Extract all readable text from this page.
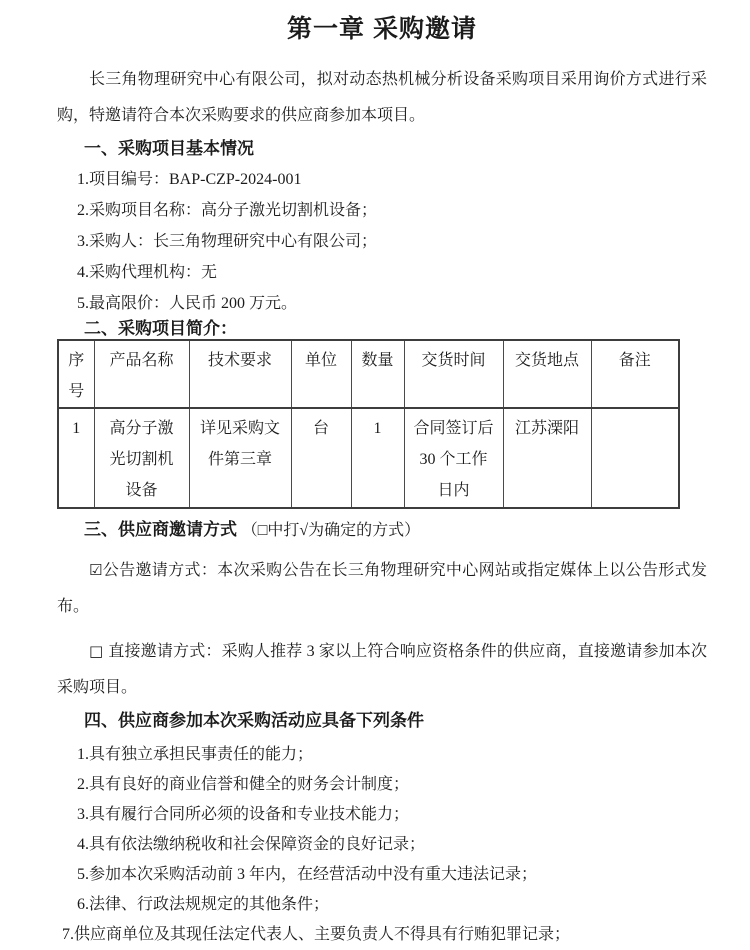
第一章 采购邀请

长三角物理研究中心有限公司，拟对动态热机械分析设备采购项目采用询价方式进行采购，特邀请符合本次采购要求的供应商参加本项目。

一、采购项目基本情况
1.项目编号：BAP-CZP-2024-001
2.采购项目名称：高分子激光切割机设备；
3.采购人：长三角物理研究中心有限公司；
4.采购代理机构：无
5.最高限价：人民币 200 万元。
二、采购项目简介：
序号	产品名称	技术要求	单位	数量	交货时间	交货地点	备注
1	高分子激光切割机设备	详见采购文件第三章	台	1	合同签订后 30 个工作日内	江苏溧阳	
三、供应商邀请方式 （□中打√为确定的方式）

☑公告邀请方式：本次采购公告在长三角物理研究中心网站或指定媒体上以公告形式发布。

□ 直接邀请方式：采购人推荐 3 家以上符合响应资格条件的供应商，直接邀请参加本次采购项目。

四、供应商参加本次采购活动应具备下列条件
1.具有独立承担民事责任的能力；
2.具有良好的商业信誉和健全的财务会计制度；
3.具有履行合同所必须的设备和专业技术能力；
4.具有依法缴纳税收和社会保障资金的良好记录；
5.参加本次采购活动前 3 年内，在经营活动中没有重大违法记录；
6.法律、行政法规规定的其他条件；
7.供应商单位及其现任法定代表人、主要负责人不得具有行贿犯罪记录；
